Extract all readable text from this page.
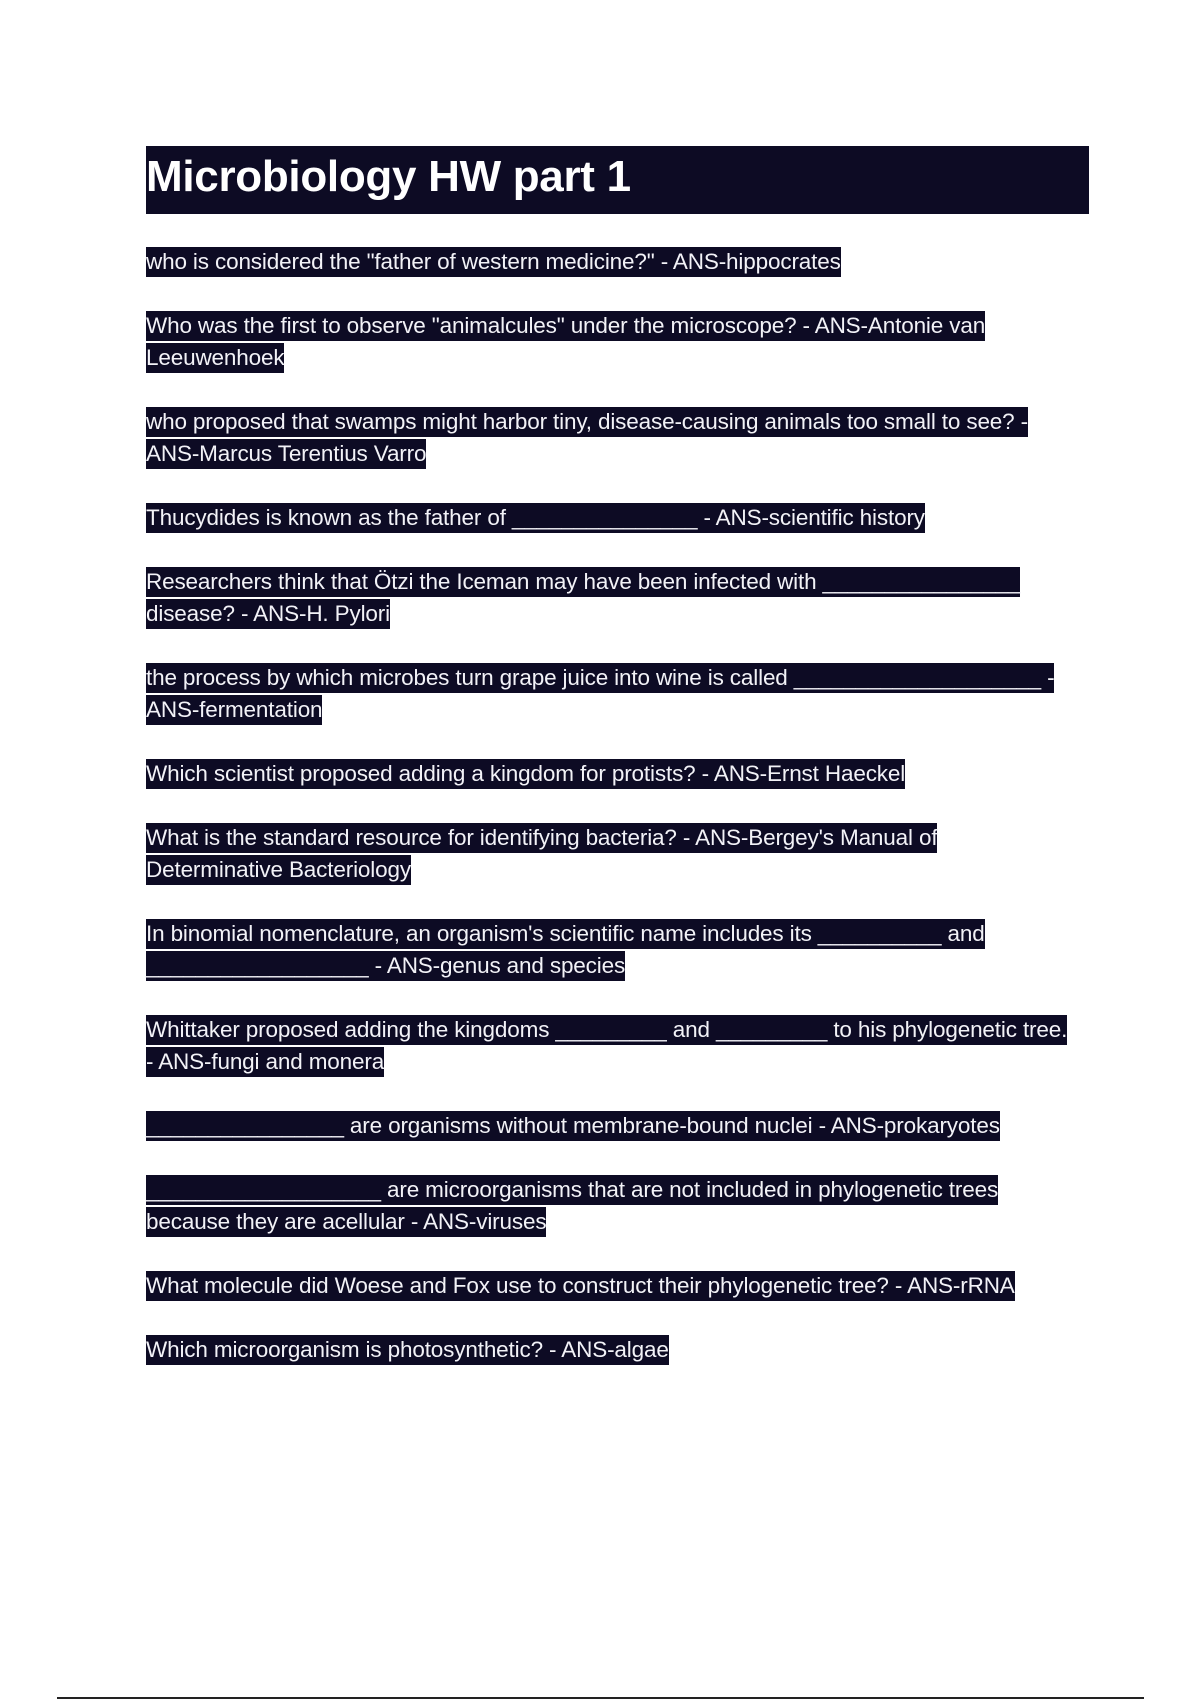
Microbiology HW part 1

who is considered the "father of western medicine?" - ANS-hippocrates

Who was the first to observe "animalcules" under the microscope? - ANS-Antonie van Leeuwenhoek

who proposed that swamps might harbor tiny, disease-causing animals too small to see? - ANS-Marcus Terentius Varro

Thucydides is known as the father of _______________ - ANS-scientific history

Researchers think that Ötzi the Iceman may have been infected with ________________ disease? - ANS-H. Pylori

the process by which microbes turn grape juice into wine is called ____________________ - ANS-fermentation

Which scientist proposed adding a kingdom for protists? - ANS-Ernst Haeckel

What is the standard resource for identifying bacteria? - ANS-Bergey's Manual of Determinative Bacteriology

In binomial nomenclature, an organism's scientific name includes its __________ and __________________ - ANS-genus and species

Whittaker proposed adding the kingdoms _________ and _________ to his phylogenetic tree. - ANS-fungi and monera

________________ are organisms without membrane-bound nuclei - ANS-prokaryotes

___________________ are microorganisms that are not included in phylogenetic trees because they are acellular - ANS-viruses

What molecule did Woese and Fox use to construct their phylogenetic tree? - ANS-rRNA

Which microorganism is photosynthetic? - ANS-algae
